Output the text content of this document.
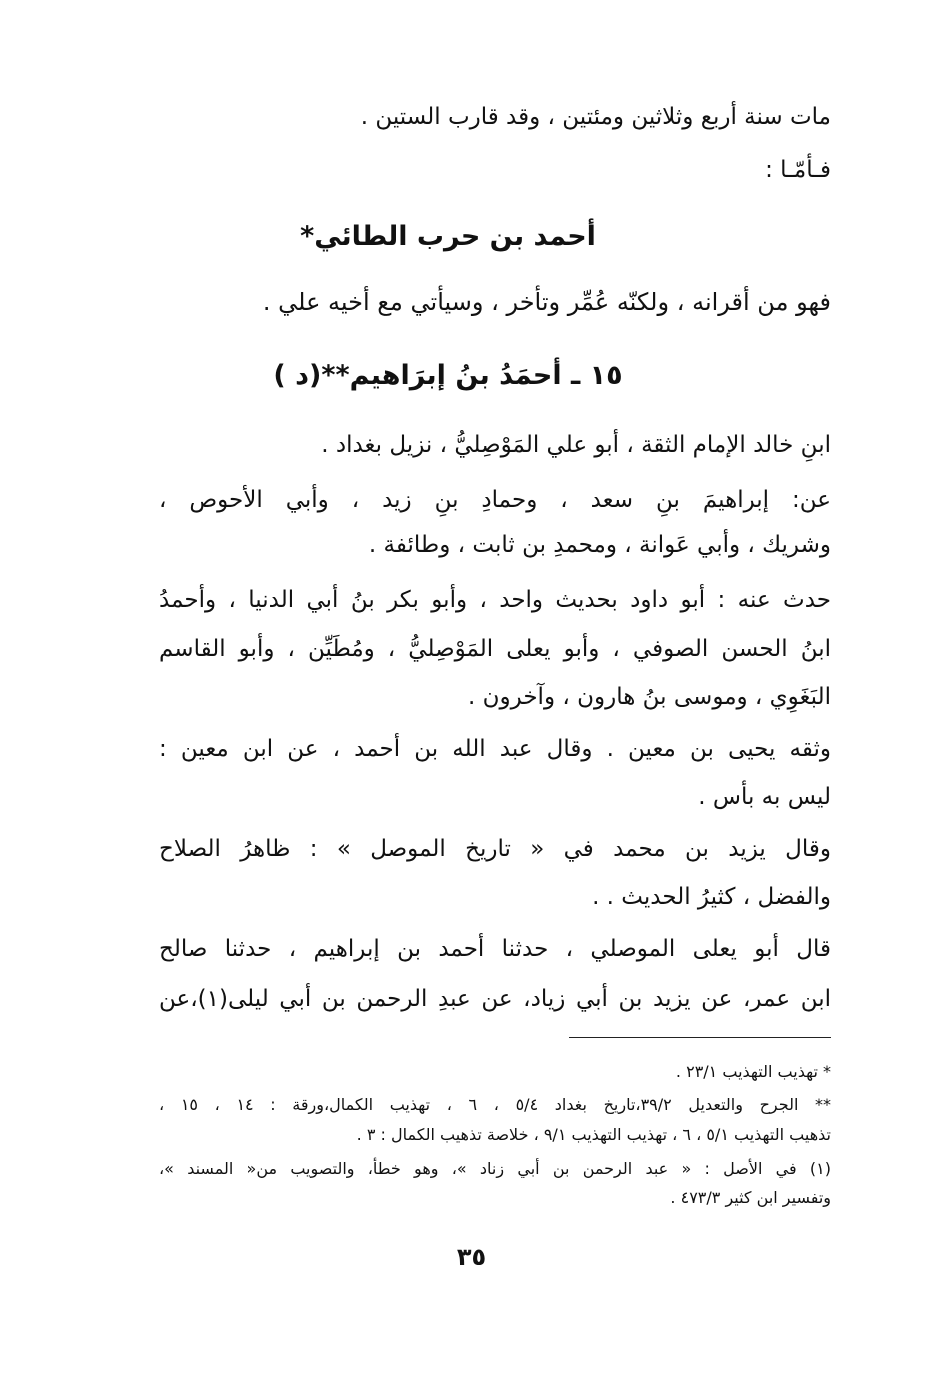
مات سنة أربع وثلاثين ومئتين ، وقد قارب الستين .
فـأمّـا :
أحمد بن حرب الطائي*
فهو من أقرانه ، ولكنّه عُمِّر وتأخر ، وسيأتي مع أخيه علي .
١٥ ـ أحمَدُ بنُ إبرَاهيم**(د )
ابنِ خالد الإمام الثقة ، أبو علي المَوْصِليُّ ، نزيل بغداد .
عن: إبراهيمَ بنِ سعد ، وحمادِ بنِ زيد ، وأبي الأحوص ،
وشريك ، وأبي عَوانة ، ومحمدِ بن ثابت ، وطائفة .
حدث عنه : أبو داود بحديث واحد ، وأبو بكر بنُ أبي الدنيا ، وأحمدُ
ابنُ الحسن الصوفي ، وأبو يعلى المَوْصِليُّ ، ومُطَيِّن ، وأبو القاسم
البَغَوِي ، وموسى بنُ هارون ، وآخرون .
وثقه يحيى بن معين . وقال عبد الله بن أحمد ، عن ابن معين :
ليس به بأس .
وقال يزيد بن محمد في « تاريخ الموصل » : ظاهرُ الصلاح
والفضل ، كثيرُ الحديث . .
قال أبو يعلى الموصلي ، حدثنا أحمد بن إبراهيم ، حدثنا صالح
ابن عمر، عن يزيد بن أبي زياد، عن عبدِ الرحمن بن أبي ليلى(١)،عن
* تهذيب التهذيب ٢٣/١ .
** الجرح والتعديل ٣٩/٢،تاريخ بغداد ٥/٤ ، ٦ ، تهذيب الكمال،ورقة : ١٤ ، ١٥ ،
تذهيب التهذيب ٥/١ ، ٦ ، تهذيب التهذيب ٩/١ ، خلاصة تذهيب الكمال : ٣ .
(١) في الأصل : « عبد الرحمن بن أبي زناد »، وهو خطأ، والتصويب من« المسند »،
وتفسير ابن كثير ٤٧٣/٣ .
٣٥
